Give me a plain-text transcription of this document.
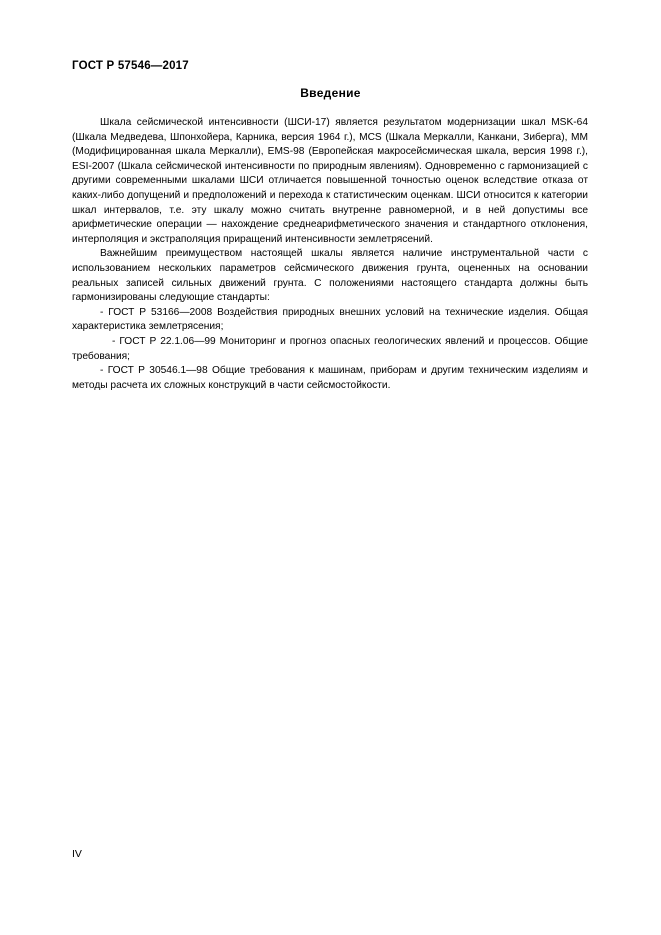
ГОСТ Р 57546—2017
Введение

Шкала сейсмической интенсивности (ШСИ-17) является результатом модернизации шкал MSK-64 (Шкала Медведева, Шпонхойера, Карника, версия 1964 г.), MCS (Шкала Меркалли, Канкани, Зиберга), MM (Модифицированная шкала Меркалли), EMS-98 (Европейская макросейсмическая шкала, версия 1998 г.), ESI-2007 (Шкала сейсмической интенсивности по природным явлениям). Одновременно с гармонизацией с другими современными шкалами ШСИ отличается повышенной точностью оценок вследствие отказа от каких-либо допущений и предположений и перехода к статистическим оценкам. ШСИ относится к категории шкал интервалов, т.е. эту шкалу можно считать внутренне равномерной, и в ней допустимы все арифметические операции — нахождение среднеарифметического значения и стандартного отклонения, интерполяция и экстраполяция приращений интенсивности землетрясений.

Важнейшим преимуществом настоящей шкалы является наличие инструментальной части с использованием нескольких параметров сейсмического движения грунта, оцененных на основании реальных записей сильных движений грунта. С положениями настоящего стандарта должны быть гармонизированы следующие стандарты:

- ГОСТ Р 53166—2008 Воздействия природных внешних условий на технические изделия. Общая характеристика землетрясения;

- ГОСТ Р 22.1.06—99 Мониторинг и прогноз опасных геологических явлений и процессов. Общие требования;

- ГОСТ Р 30546.1—98 Общие требования к машинам, приборам и другим техническим изделиям и методы расчета их сложных конструкций в части сейсмостойкости.

IV
